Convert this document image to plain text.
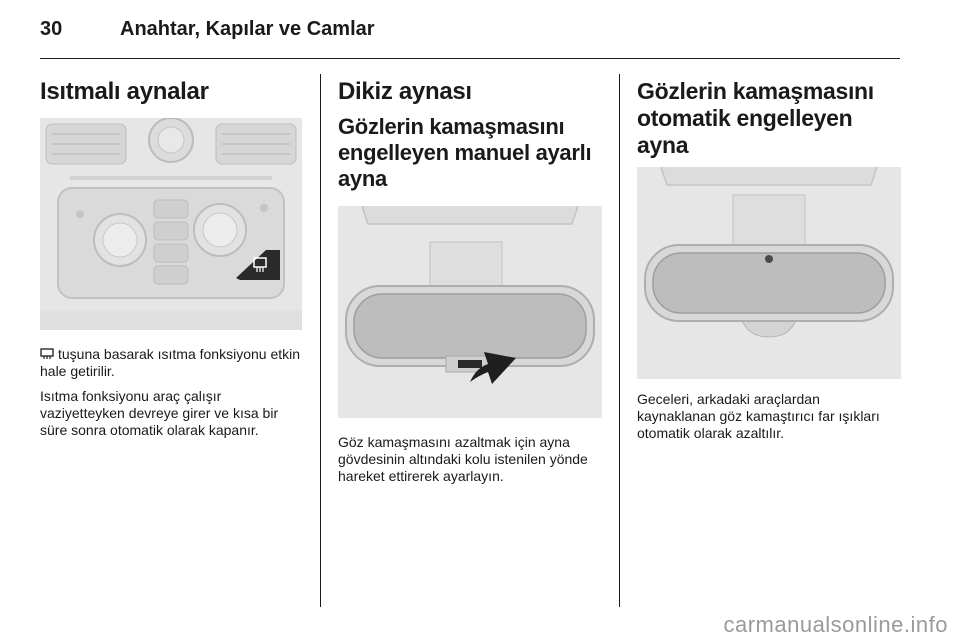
30	Anahtar, Kapılar ve Camlar
Isıtmalı aynalar

tuşuna basarak ısıtma fonksiyonu etkin hale getirilir.

Isıtma fonksiyonu araç çalışır vaziyetteyken devreye girer ve kısa bir süre sonra otomatik olarak kapanır.

Dikiz aynası
Gözlerin kamaşmasını engelleyen manuel ayarlı ayna

Göz kamaşmasını azaltmak için ayna gövdesinin altındaki kolu istenilen yönde hareket ettirerek ayarlayın.

Gözlerin kamaşmasını otomatik engelleyen ayna

Geceleri, arkadaki araçlardan kaynaklanan göz kamaştırıcı far ışıkları otomatik olarak azaltılır.

carmanualsonline.info
